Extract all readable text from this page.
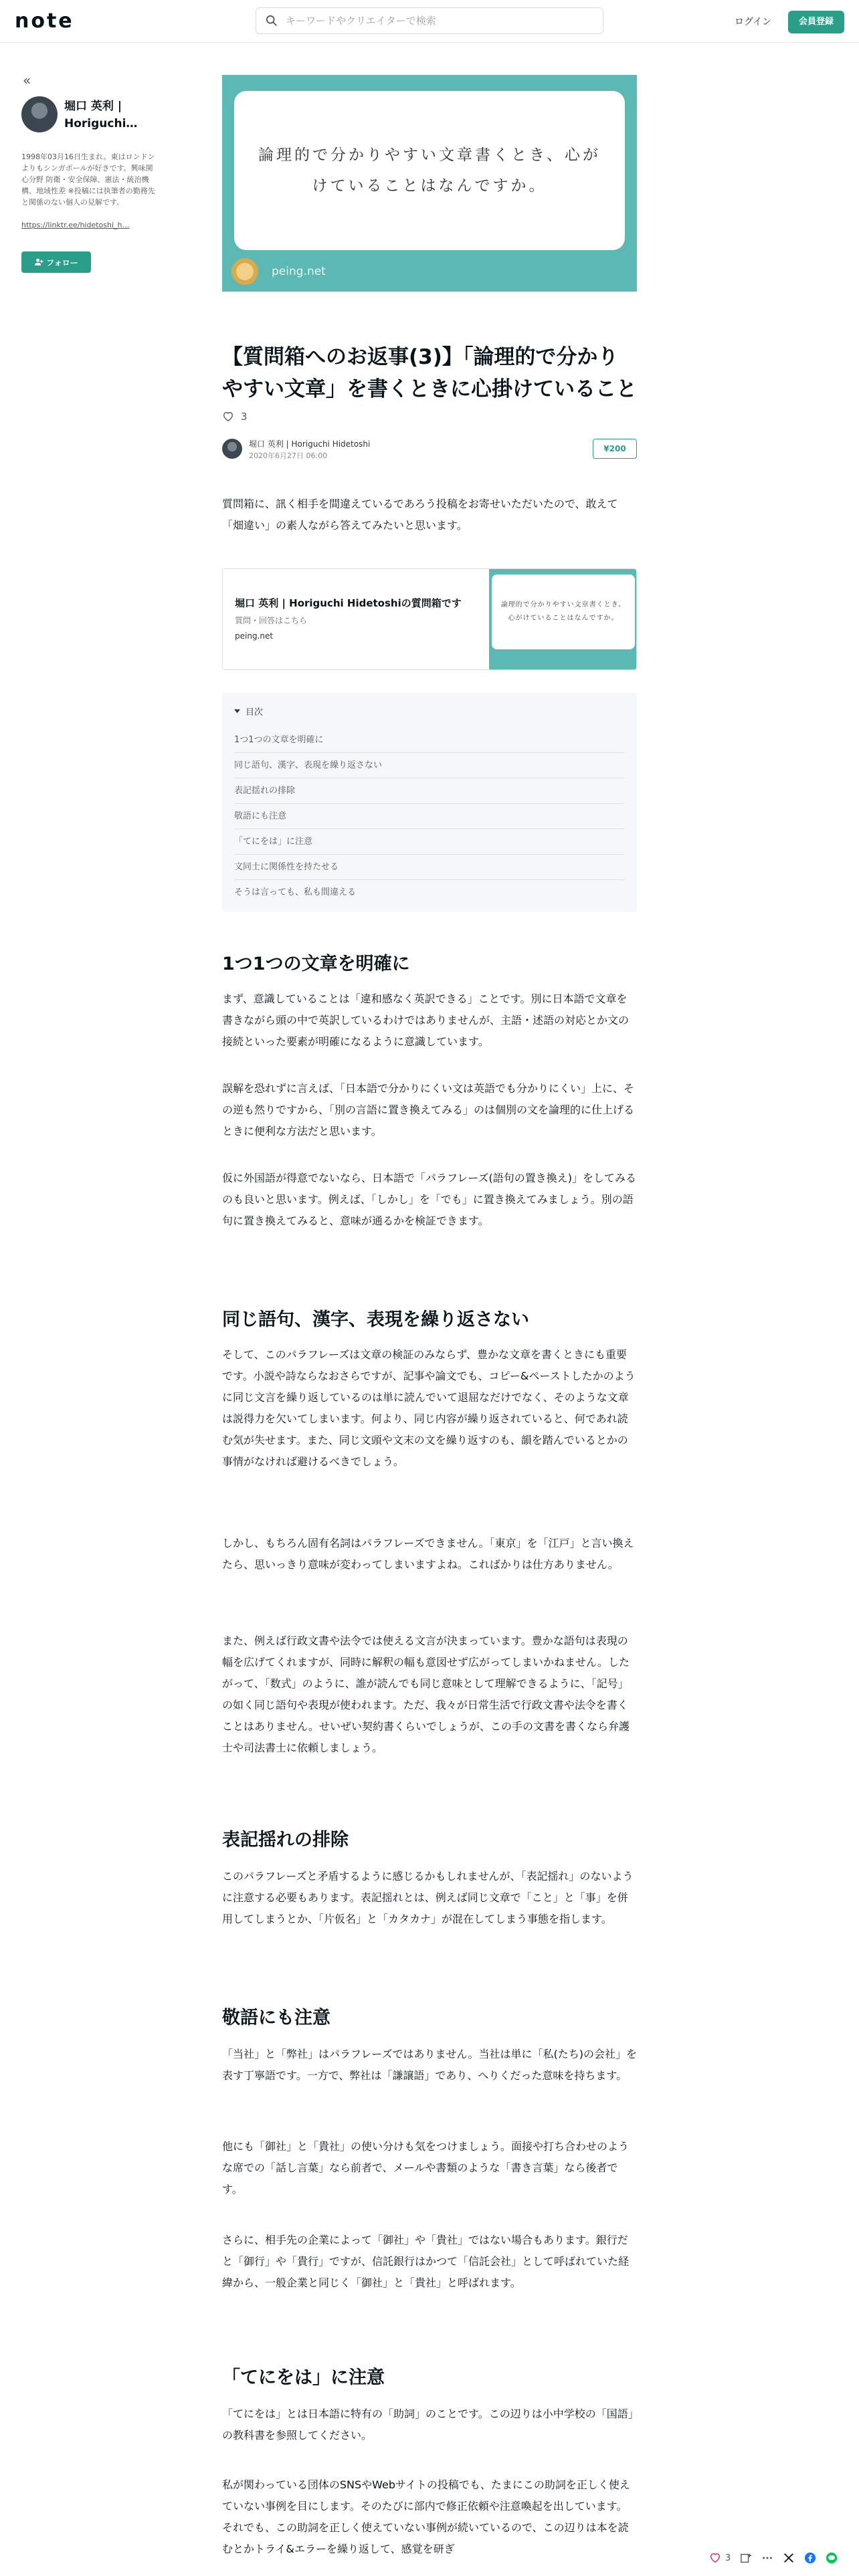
note
キーワードやクリエイターで検索	ログイン	会員登録
«
堀口 英利 | Horiguchi…
1998年03月16日生まれ。東はロンドンよりもシンガポールが好きです。興味関心分野 防衛・安全保障、憲法・統治機構、地域性差 ※投稿には执筆者の勤務先と関係のない個人の見解です。
https://linktr.ee/hidetoshi_h…
フォロー
論理的で分かりやすい文章書くとき、心がけていることはなんですか。
peing.net
【質問箱へのお返事(3)】「論理的で分かりやすい文章」を書くときに心掛けていること
3
堀口 英利 | Horiguchi Hidetoshi
2020年6月27日 06:00
¥200

質問箱に、訊く相手を間違えているであろう投稿をお寄せいただいたので、敢えて「畑違い」の素人ながら答えてみたいと思います。

堀口 英利 | Horiguchi Hidetoshiの質問箱です
質問・回答はこちら
peing.net
論理的で分かりやすい文章書くとき、心がけていることはなんですか。
目次
1つ1つの文章を明確に
同じ語句、漢字、表現を繰り返さない
表記揺れの排除
敬語にも注意
「てにをは」に注意
文同士に関係性を持たせる
そうは言っても、私も間違える
1つ1つの文章を明確に

まず、意識していることは「違和感なく英訳できる」ことです。別に日本語で文章を書きながら頭の中で英訳しているわけではありませんが、主語・述語の対応とか文の接続といった要素が明確になるように意識しています。

誤解を恐れずに言えば、「日本語で分かりにくい文は英語でも分かりにくい」上に、その逆も然りですから、「別の言語に置き換えてみる」のは個別の文を論理的に仕上げるときに便利な方法だと思います。

仮に外国語が得意でないなら、日本語で「パラフレーズ(語句の置き換え)」をしてみるのも良いと思います。例えば、「しかし」を「でも」に置き換えてみましょう。別の語句に置き換えてみると、意味が通るかを検証できます。

同じ語句、漢字、表現を繰り返さない

そして、このパラフレーズは文章の検証のみならず、豊かな文章を書くときにも重要です。小説や詩ならなおさらですが、記事や論文でも、コピー&ペーストしたかのように同じ文言を繰り返しているのは単に読んでいて退屈なだけでなく、そのような文章は説得力を欠いてしまいます。何より、同じ内容が繰り返されていると、何であれ読む気が失せます。また、同じ文頭や文末の文を繰り返すのも、韻を踏んでいるとかの事情がなければ避けるべきでしょう。

しかし、もちろん固有名詞はパラフレーズできません。「東京」を「江戸」と言い換えたら、思いっきり意味が変わってしまいますよね。こればかりは仕方ありません。

また、例えば行政文書や法令では使える文言が決まっています。豊かな語句は表現の幅を広げてくれますが、同時に解釈の幅も意図せず広がってしまいかねません。したがって、「数式」のように、誰が読んでも同じ意味として理解できるように、「記号」の如く同じ語句や表現が使われます。ただ、我々が日常生活で行政文書や法令を書くことはありません。せいぜい契約書くらいでしょうが、この手の文書を書くなら弁護士や司法書士に依頼しましょう。

表記揺れの排除

このパラフレーズと矛盾するように感じるかもしれませんが、「表記揺れ」のないように注意する必要もあります。表記揺れとは、例えば同じ文章で「こと」と「事」を併用してしまうとか、「片仮名」と「カタカナ」が混在してしまう事態を指します。

敬語にも注意

「当社」と「弊社」はパラフレーズではありません。当社は単に「私(たち)の会社」を表す丁寧語です。一方で、弊社は「謙譲語」であり、へりくだった意味を持ちます。

他にも「御社」と「貴社」の使い分けも気をつけましょう。面接や打ち合わせのような席での「話し言葉」なら前者で、メールや書類のような「書き言葉」なら後者です。

さらに、相手先の企業によって「御社」や「貴社」ではない場合もあります。銀行だと「御行」や「貴行」ですが、信託銀行はかつて「信託会社」として呼ばれていた経緯から、一般企業と同じく「御社」と「貴社」と呼ばれます。

「てにをは」に注意

「てにをは」とは日本語に特有の「助詞」のことです。この辺りは小中学校の「国語」の教科書を参照してください。

私が関わっている団体のSNSやWebサイトの投稿でも、たまにこの助詞を正しく使えていない事例を目にします。そのたびに部内で修正依頼や注意喚起を出しています。それでも、この助詞を正しく使えていない事例が続いているので、この辺りは本を読むとかトライ&エラーを繰り返して、感覚を研ぎ

3
